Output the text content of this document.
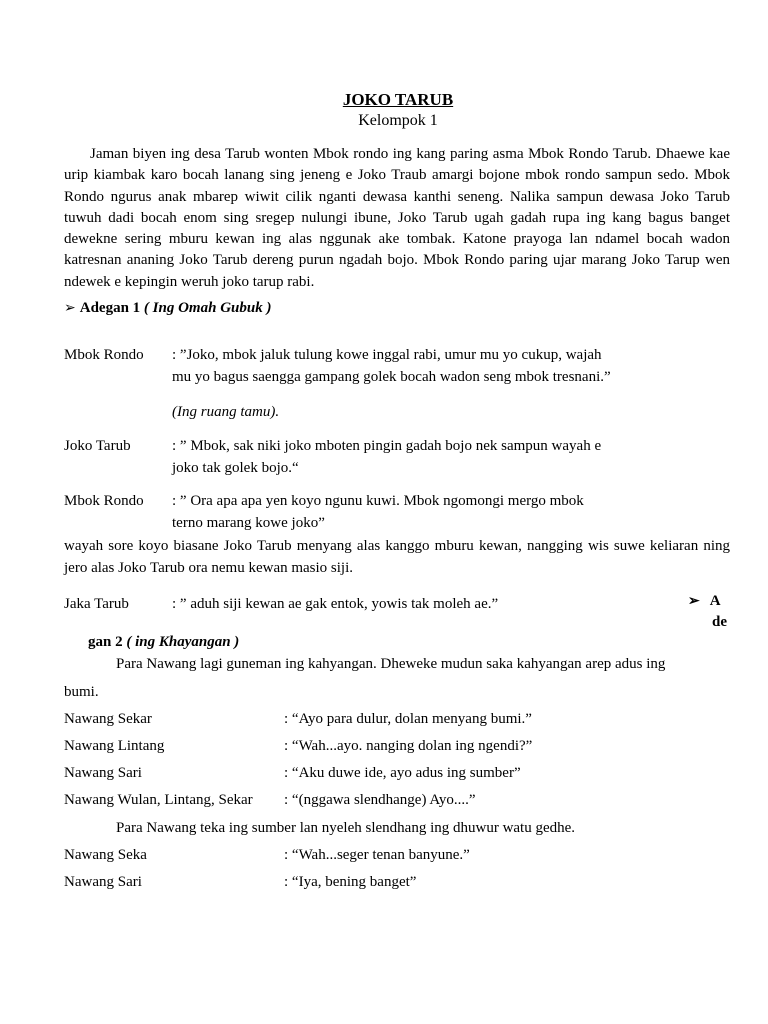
JOKO TARUB
Kelompok 1
Jaman biyen ing desa Tarub wonten Mbok rondo ing kang paring asma Mbok Rondo Tarub. Dhaewe kae urip kiambak karo bocah lanang sing jeneng e Joko Traub amargi bojone mbok rondo sampun sedo. Mbok Rondo ngurus anak mbarep wiwit cilik nganti dewasa kanthi seneng. Nalika sampun dewasa Joko Tarub tuwuh dadi bocah enom sing sregep nulungi ibune, Joko Tarub ugah gadah rupa ing kang bagus banget dewekne sering mburu kewan ing alas nggunak ake tombak. Katone prayoga lan ndamel bocah wadon katresnan ananing Joko Tarub dereng purun ngadah bojo. Mbok Rondo paring ujar marang Joko Tarup wen ndewek e kepingin weruh joko tarup rabi.
➢ Adegan 1 ( Ing Omah Gubuk )
Mbok Rondo : ”Joko, mbok jaluk tulung kowe inggal rabi, umur mu yo cukup, wajah
mu yo bagus saengga gampang golek bocah wadon seng mbok tresnani.”
(Ing ruang tamu).
Joko Tarub	: ” Mbok, sak niki joko mboten pingin gadah bojo nek sampun wayah e
joko tak golek bojo.“
Mbok Rondo : ” Ora apa apa yen koyo ngunu kuwi. Mbok ngomongi mergo mbok
terno marang kowe joko”
wayah sore koyo biasane Joko Tarub menyang alas kanggo mburu kewan, nangging wis suwe keliaran ning jero alas Joko Tarub ora nemu kewan masio siji.
Jaka Tarub	: ” aduh siji kewan ae gak entok, yowis tak moleh ae.”	➢ A
de
gan 2 ( ing Khayangan )
Para Nawang lagi guneman ing kahyangan. Dheweke mudun saka kahyangan arep adus ing
bumi.
Nawang Sekar	: “Ayo para dulur, dolan menyang bumi.”
Nawang Lintang	: “Wah...ayo. nanging dolan ing ngendi?”
Nawang Sari	: “Aku duwe ide, ayo adus ing sumber”
Nawang Wulan, Lintang, Sekar : “(nggawa slendhange) Ayo....”
Para Nawang teka ing sumber lan nyeleh slendhang ing dhuwur watu gedhe.
Nawang Seka	: “Wah...seger tenan banyune.”
Nawang Sari	: “Iya, bening banget”
